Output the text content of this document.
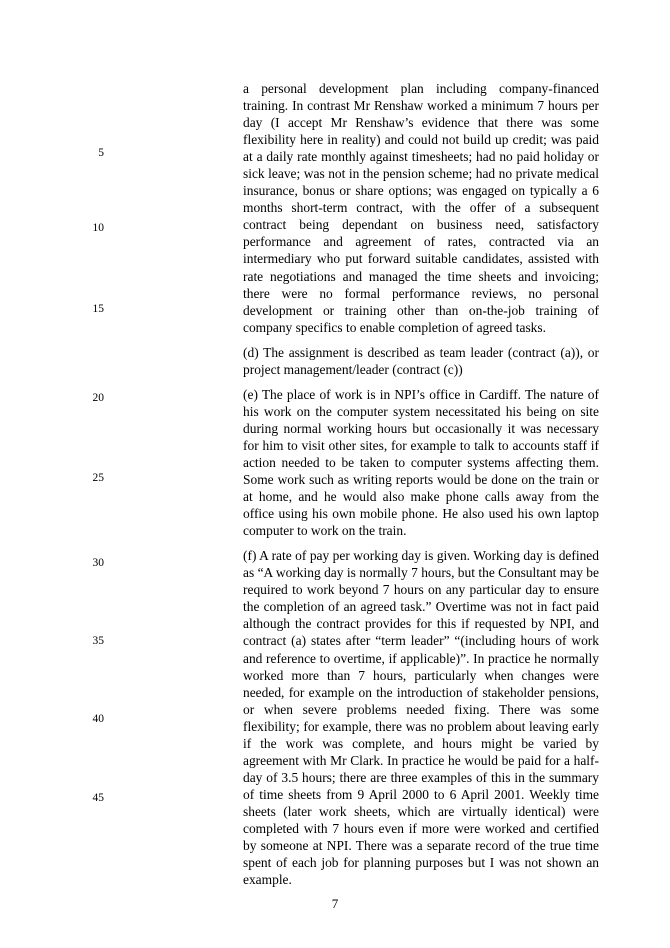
5
10
15
20
25
30
35
40
45

a personal development plan including company-financed training. In contrast Mr Renshaw worked a minimum 7 hours per day (I accept Mr Renshaw’s evidence that there was some flexibility here in reality) and could not build up credit; was paid at a daily rate monthly against timesheets; had no paid holiday or sick leave; was not in the pension scheme; had no private medical insurance, bonus or share options; was engaged on typically a 6 months short-term contract, with the offer of a subsequent contract being dependant on business need, satisfactory performance and agreement of rates, contracted via an intermediary who put forward suitable candidates, assisted with rate negotiations and managed the time sheets and invoicing; there were no formal performance reviews, no personal development or training other than on-the-job training of company specifics to enable completion of agreed tasks.

(d) The assignment is described as team leader (contract (a)), or project management/leader (contract (c))

(e) The place of work is in NPI’s office in Cardiff. The nature of his work on the computer system necessitated his being on site during normal working hours but occasionally it was necessary for him to visit other sites, for example to talk to accounts staff if action needed to be taken to computer systems affecting them. Some work such as writing reports would be done on the train or at home, and he would also make phone calls away from the office using his own mobile phone. He also used his own laptop computer to work on the train.

(f) A rate of pay per working day is given. Working day is defined as “A working day is normally 7 hours, but the Consultant may be required to work beyond 7 hours on any particular day to ensure the completion of an agreed task.” Overtime was not in fact paid although the contract provides for this if requested by NPI, and contract (a) states after “term leader” “(including hours of work and reference to overtime, if applicable)”. In practice he normally worked more than 7 hours, particularly when changes were needed, for example on the introduction of stakeholder pensions, or when severe problems needed fixing. There was some flexibility; for example, there was no problem about leaving early if the work was complete, and hours might be varied by agreement with Mr Clark. In practice he would be paid for a half-day of 3.5 hours; there are three examples of this in the summary of time sheets from 9 April 2000 to 6 April 2001. Weekly time sheets (later work sheets, which are virtually identical) were completed with 7 hours even if more were worked and certified by someone at NPI. There was a separate record of the true time spent of each job for planning purposes but I was not shown an example.

7
